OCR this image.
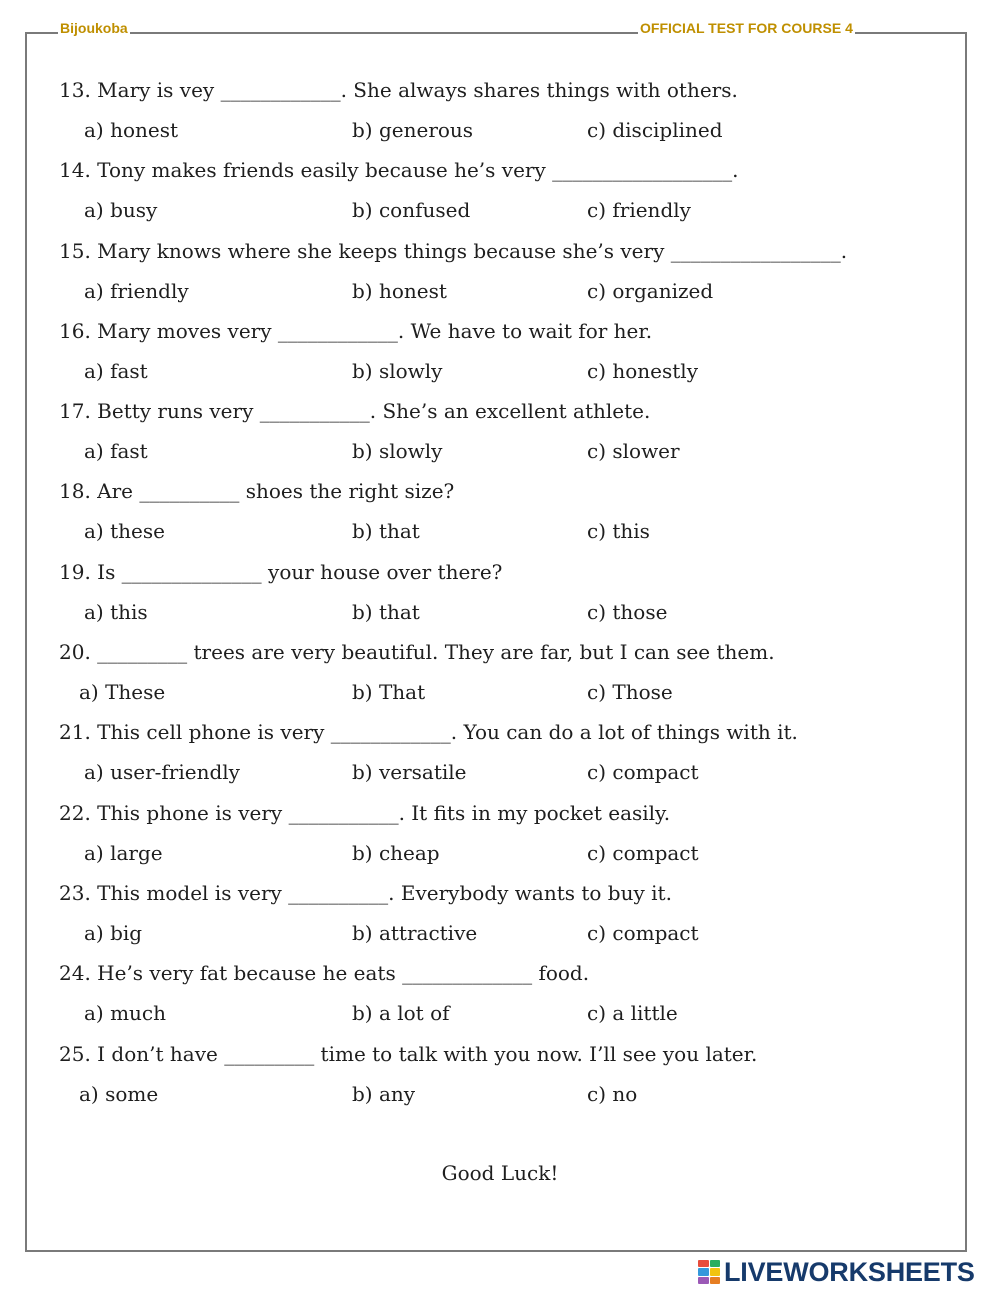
Bijoukoba	OFFICIAL TEST FOR COURSE 4
13. Mary is vey ____________. She always shares things with others.
a) honest	b) generous	c) disciplined
14. Tony makes friends easily because he’s very __________________.
a) busy	b) confused	c) friendly
15. Mary knows where she keeps things because she’s very _________________.
a) friendly	b) honest	c) organized
16. Mary moves very ____________. We have to wait for her.
a) fast	b) slowly	c) honestly
17. Betty runs very ___________. She’s an excellent athlete.
a) fast	b) slowly	c) slower
18. Are __________ shoes the right size?
a) these	b) that	c) this
19. Is ______________ your house over there?
a) this	b) that	c) those
20. _________ trees are very beautiful. They are far, but I can see them.
a) These	b) That	c) Those
21. This cell phone is very ____________. You can do a lot of things with it.
a) user-friendly	b) versatile	c) compact
22. This phone is very ___________. It fits in my pocket easily.
a) large	b) cheap	c) compact
23. This model is very __________. Everybody wants to buy it.
a) big	b) attractive	c) compact
24. He’s very fat because he eats _____________ food.
a) much	b) a lot of	c) a little
25. I don’t have _________ time to talk with you now. I’ll see you later.
a) some	b) any	c) no
Good Luck!
LIVEWORKSHEETS
